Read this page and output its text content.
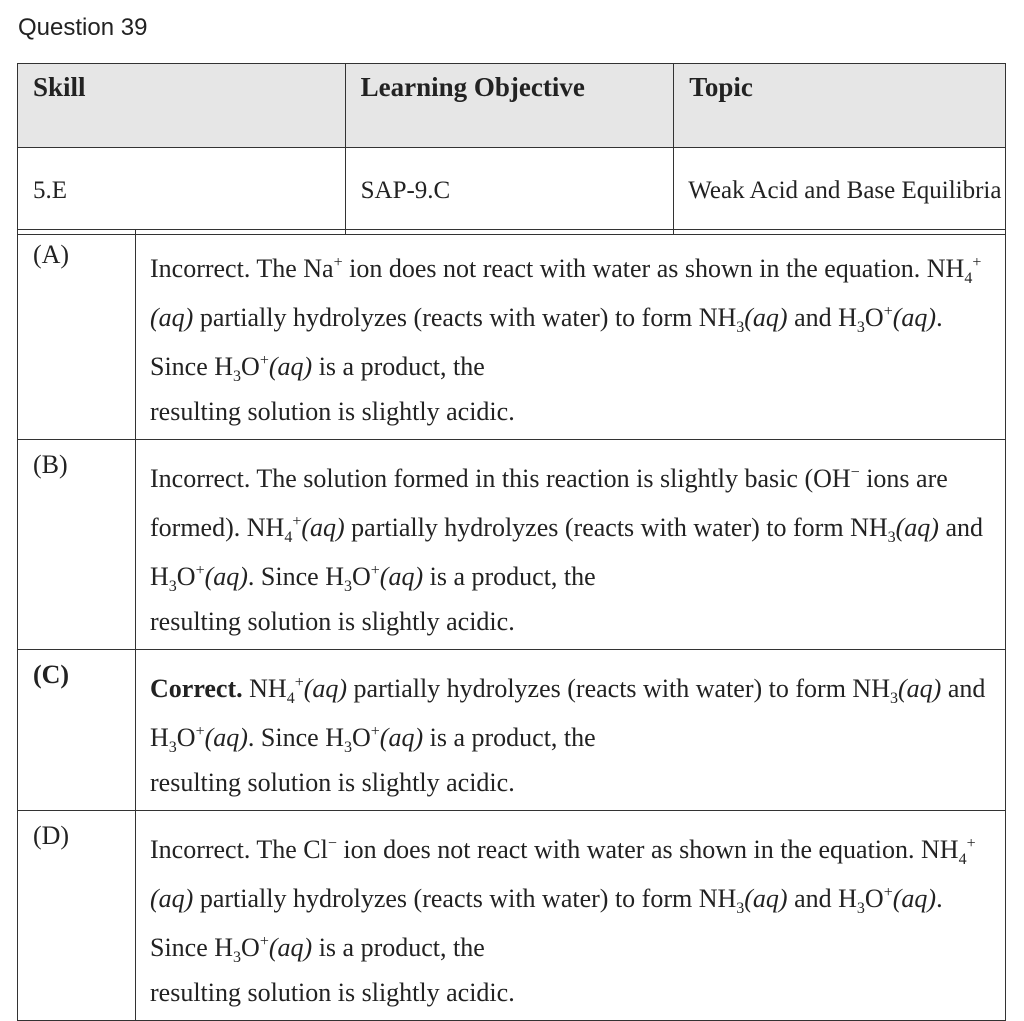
Question 39
Skill	Learning Objective	Topic
5.E	SAP-9.C	Weak Acid and Base Equilibria
(A)	Incorrect. The Na+ ion does not react with water as shown in the equation. $NH_4^+(aq)$ partially hydrolyzes (reacts with water) to form $NH_3(aq)$ and $H_3O^+(aq)$. Since $H_3O^+(aq)$ is a product, the
resulting solution is slightly acidic.

(B)	Incorrect. The solution formed in this reaction is slightly basic (OH− ions are formed). $NH_4^+(aq)$ partially hydrolyzes (reacts with water) to form $NH_3(aq)$ and $H_3O^+(aq)$. Since $H_3O^+(aq)$ is a product, the
resulting solution is slightly acidic.

(C)	Correct. $NH_4^+(aq)$ partially hydrolyzes (reacts with water) to form $NH_3(aq)$ and $H_3O^+(aq)$. Since $H_3O^+(aq)$ is a product, the
resulting solution is slightly acidic.

(D)	Incorrect. The Cl− ion does not react with water as shown in the equation. $NH_4^+(aq)$ partially hydrolyzes (reacts with water) to form $NH_3(aq)$ and $H_3O^+(aq)$. Since $H_3O^+(aq)$ is a product, the
resulting solution is slightly acidic.
